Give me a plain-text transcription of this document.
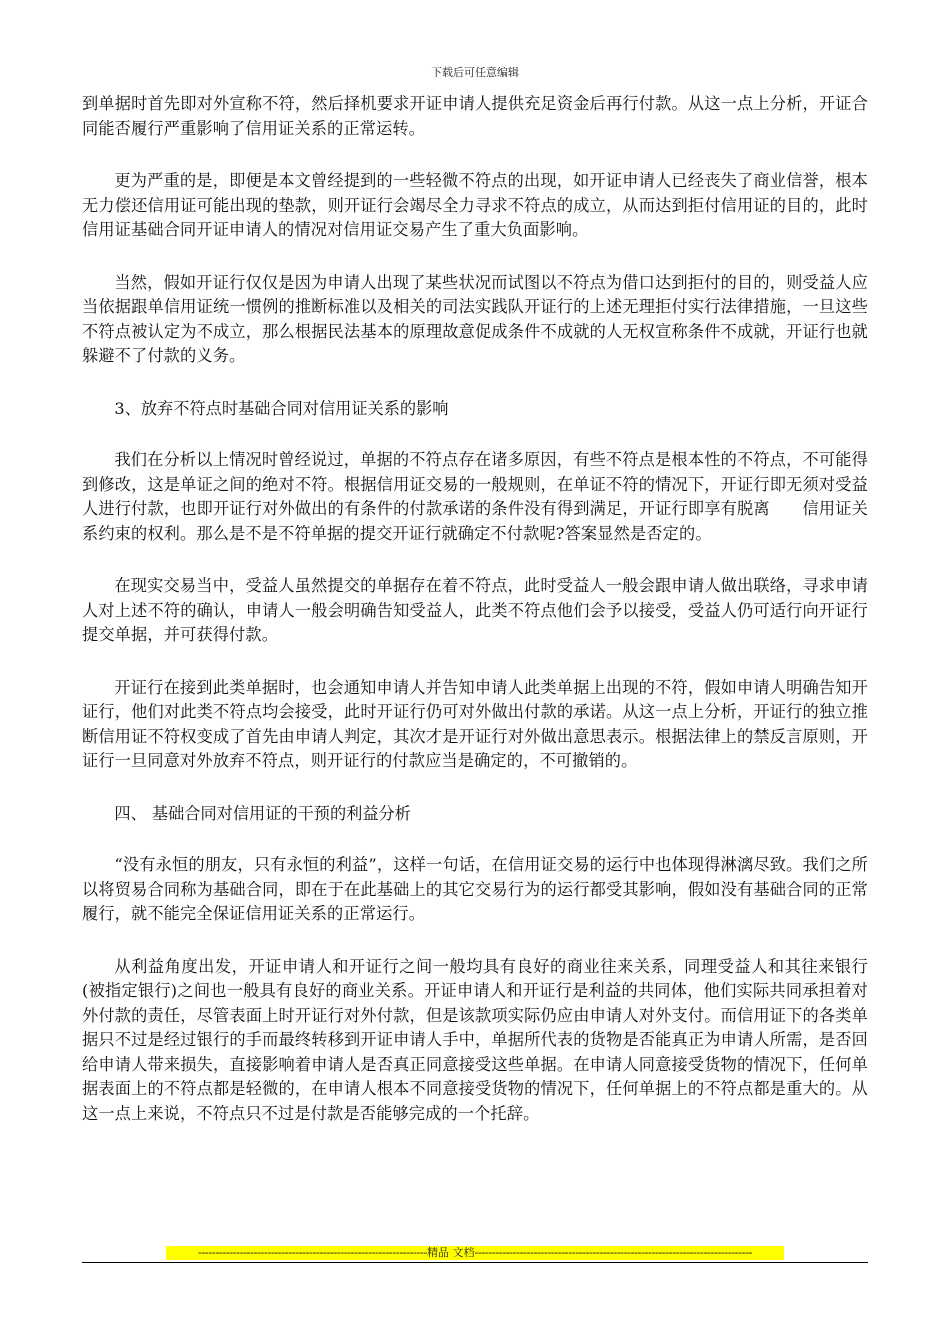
下载后可任意编辑

到单据时首先即对外宣称不符，然后择机要求开证申请人提供充足资金后再行付款。从这一点上分析，开证合同能否履行严重影响了信用证关系的正常运转。

更为严重的是，即便是本文曾经提到的一些轻微不符点的出现，如开证申请人已经丧失了商业信誉，根本无力偿还信用证可能出现的垫款，则开证行会竭尽全力寻求不符点的成立，从而达到拒付信用证的目的，此时信用证基础合同开证申请人的情况对信用证交易产生了重大负面影响。

当然，假如开证行仅仅是因为申请人出现了某些状况而试图以不符点为借口达到拒付的目的，则受益人应当依据跟单信用证统一惯例的推断标准以及相关的司法实践队开证行的上述无理拒付实行法律措施，一旦这些不符点被认定为不成立，那么根据民法基本的原理故意促成条件不成就的人无权宣称条件不成就，开证行也就躲避不了付款的义务。

3、放弃不符点时基础合同对信用证关系的影响

我们在分析以上情况时曾经说过，单据的不符点存在诸多原因，有些不符点是根本性的不符点，不可能得到修改，这是单证之间的绝对不符。根据信用证交易的一般规则，在单证不符的情况下，开证行即无须对受益人进行付款，也即开证行对外做出的有条件的付款承诺的条件没有得到满足，开证行即享有脱离　　信用证关系约束的权利。那么是不是不符单据的提交开证行就确定不付款呢?答案显然是否定的。

在现实交易当中，受益人虽然提交的单据存在着不符点，此时受益人一般会跟申请人做出联络，寻求申请人对上述不符的确认，申请人一般会明确告知受益人，此类不符点他们会予以接受，受益人仍可适行向开证行提交单据，并可获得付款。

开证行在接到此类单据时，也会通知申请人并告知申请人此类单据上出现的不符，假如申请人明确告知开证行，他们对此类不符点均会接受，此时开证行仍可对外做出付款的承诺。从这一点上分析，开证行的独立推断信用证不符权变成了首先由申请人判定，其次才是开证行对外做出意思表示。根据法律上的禁反言原则，开证行一旦同意对外放弃不符点，则开证行的付款应当是确定的，不可撤销的。

四、 基础合同对信用证的干预的利益分析

“没有永恒的朋友，只有永恒的利益”，这样一句话，在信用证交易的运行中也体现得淋漓尽致。我们之所以将贸易合同称为基础合同，即在于在此基础上的其它交易行为的运行都受其影响，假如没有基础合同的正常履行，就不能完全保证信用证关系的正常运行。

从利益角度出发，开证申请人和开证行之间一般均具有良好的商业往来关系，同理受益人和其往来银行(被指定银行)之间也一般具有良好的商业关系。开证申请人和开证行是利益的共同体，他们实际共同承担着对外付款的责任，尽管表面上时开证行对外付款，但是该款项实际仍应由申请人对外支付。而信用证下的各类单据只不过是经过银行的手而最终转移到开证申请人手中，单据所代表的货物是否能真正为申请人所需，是否回给申请人带来损失，直接影响着申请人是否真正同意接受这些单据。在申请人同意接受货物的情况下，任何单据表面上的不符点都是轻微的，在申请人根本不同意接受货物的情况下，任何单据上的不符点都是重大的。从这一点上来说，不符点只不过是付款是否能够完成的一个托辞。

------------------------------------------------------------------精品 文档--------------------------------------------------------------------------------
